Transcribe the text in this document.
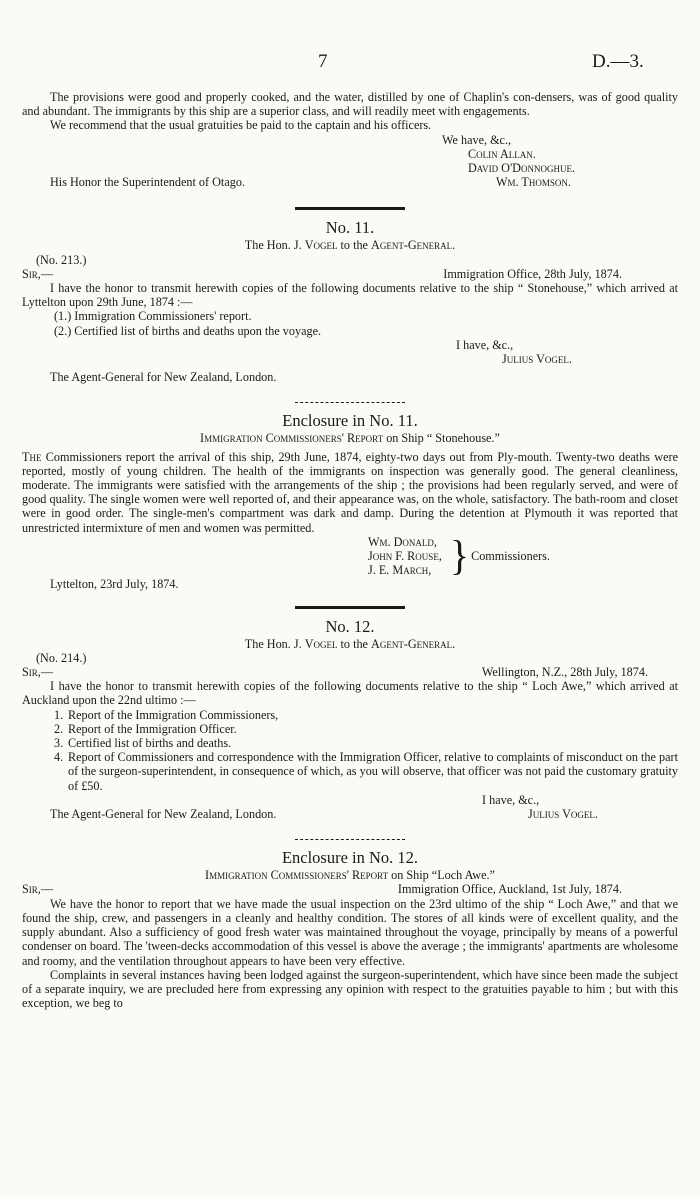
7	D.—3.

The provisions were good and properly cooked, and the water, distilled by one of Chaplin's con-densers, was of good quality and abundant. The immigrants by this ship are a superior class, and will readily meet with engagements.

We recommend that the usual gratuities be paid to the captain and his officers.

We have, &c.,
Colin Allan.
David O'Donnoghue.
His Honor the Superintendent of Otago.	Wm. Thomson.
No. 11.
The Hon. J. Vogel to the Agent-General.
(No. 213.)
Sir,—	Immigration Office, 28th July, 1874.

I have the honor to transmit herewith copies of the following documents relative to the ship “ Stonehouse,” which arrived at Lyttelton upon 29th June, 1874 :—

(1.) Immigration Commissioners' report.
(2.) Certified list of births and deaths upon the voyage.
I have, &c.,
Julius Vogel.
The Agent-General for New Zealand, London.
Enclosure in No. 11.
Immigration Commissioners' Report on Ship “ Stonehouse.”

The Commissioners report the arrival of this ship, 29th June, 1874, eighty-two days out from Ply-mouth. Twenty-two deaths were reported, mostly of young children. The health of the immigrants on inspection was generally good. The general cleanliness, moderate. The immigrants were satisfied with the arrangements of the ship ; the provisions had been regularly served, and were of good quality. The single women were well reported of, and their appearance was, on the whole, satisfactory. The bath-room and closet were in good order. The single-men's compartment was dark and damp. During the detention at Plymouth it was reported that unrestricted intermixture of men and women was permitted.

Wm. Donald,
John F. Rouse,
J. E. March, } Commissioners.
Lyttelton, 23rd July, 1874.
No. 12.
The Hon. J. Vogel to the Agent-General.
(No. 214.)
Sir,—	Wellington, N.Z., 28th July, 1874.

I have the honor to transmit herewith copies of the following documents relative to the ship “ Loch Awe,” which arrived at Auckland upon the 22nd ultimo :—

1. Report of the Immigration Commissioners,
2. Report of the Immigration Officer.
3. Certified list of births and deaths.
4. Report of Commissioners and correspondence with the Immigration Officer, relative to complaints of misconduct on the part of the surgeon-superintendent, in consequence of which, as you will observe, that officer was not paid the customary gratuity of £50.
I have, &c.,
The Agent-General for New Zealand, London.	Julius Vogel.
Enclosure in No. 12.
Immigration Commissioners' Report on Ship “Loch Awe.”
Sir,—	Immigration Office, Auckland, 1st July, 1874.

We have the honor to report that we have made the usual inspection on the 23rd ultimo of the ship “ Loch Awe,” and that we found the ship, crew, and passengers in a cleanly and healthy condition. The stores of all kinds were of excellent quality, and the supply abundant. Also a sufficiency of good fresh water was maintained throughout the voyage, principally by means of a powerful condenser on board. The 'tween-decks accommodation of this vessel is above the average ; the immigrants' apartments are wholesome and roomy, and the ventilation throughout appears to have been very effective.

Complaints in several instances having been lodged against the surgeon-superintendent, which have since been made the subject of a separate inquiry, we are precluded here from expressing any opinion with respect to the gratuities payable to him ; but with this exception, we beg to
